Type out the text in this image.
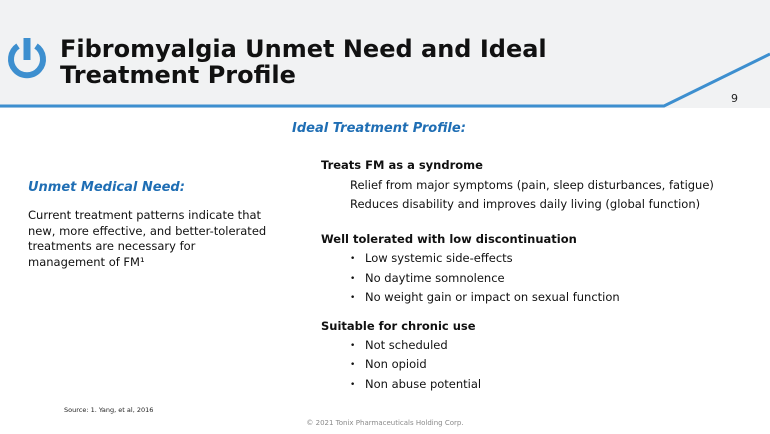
Fibromyalgia Unmet Need and Ideal
Treatment Profile
9
Ideal Treatment Profile:
Unmet Medical Need:
Current treatment patterns indicate that new, more effective, and better-tolerated treatments are necessary for management of FM¹
Treats FM as a syndrome
Relief from major symptoms (pain, sleep disturbances, fatigue)
Reduces disability and improves daily living (global function)
Well tolerated with low discontinuation
• Low systemic side-effects
• No daytime somnolence
• No weight gain or impact on sexual function
Suitable for chronic use
• Not scheduled
• Non opioid
• Non abuse potential
Source: 1. Yang, et al, 2016
© 2021 Tonix Pharmaceuticals Holding Corp.
